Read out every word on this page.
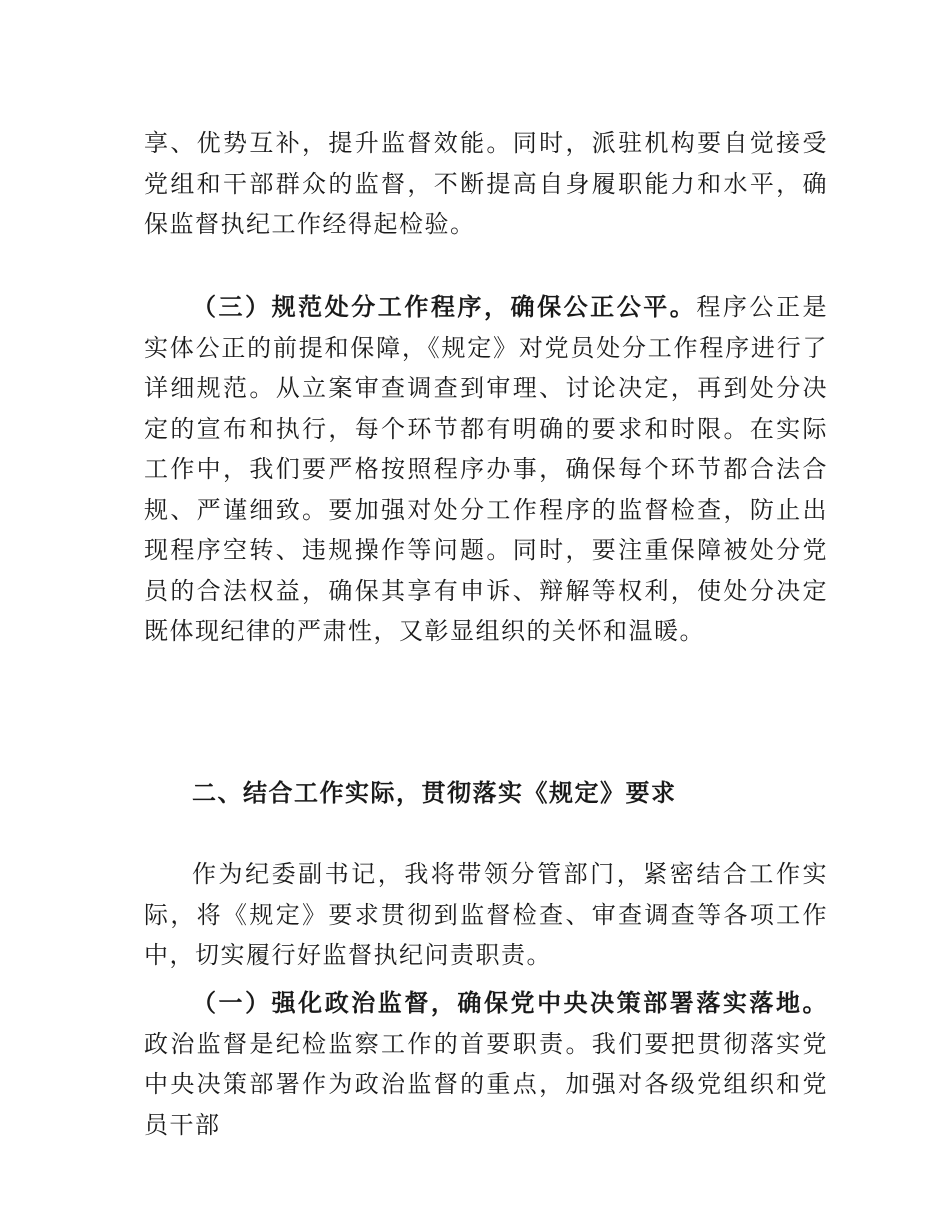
享、优势互补，提升监督效能。同时，派驻机构要自觉接受党组和干部群众的监督，不断提高自身履职能力和水平，确保监督执纪工作经得起检验。

（三）规范处分工作程序，确保公正公平。程序公正是实体公正的前提和保障，《规定》对党员处分工作程序进行了详细规范。从立案审查调查到审理、讨论决定，再到处分决定的宣布和执行，每个环节都有明确的要求和时限。在实际工作中，我们要严格按照程序办事，确保每个环节都合法合规、严谨细致。要加强对处分工作程序的监督检查，防止出现程序空转、违规操作等问题。同时，要注重保障被处分党员的合法权益，确保其享有申诉、辩解等权利，使处分决定既体现纪律的严肃性，又彰显组织的关怀和温暖。

二、结合工作实际，贯彻落实《规定》要求

作为纪委副书记，我将带领分管部门，紧密结合工作实际，将《规定》要求贯彻到监督检查、审查调查等各项工作中，切实履行好监督执纪问责职责。

（一）强化政治监督，确保党中央决策部署落实落地。政治监督是纪检监察工作的首要职责。我们要把贯彻落实党中央决策部署作为政治监督的重点，加强对各级党组织和党员干部
